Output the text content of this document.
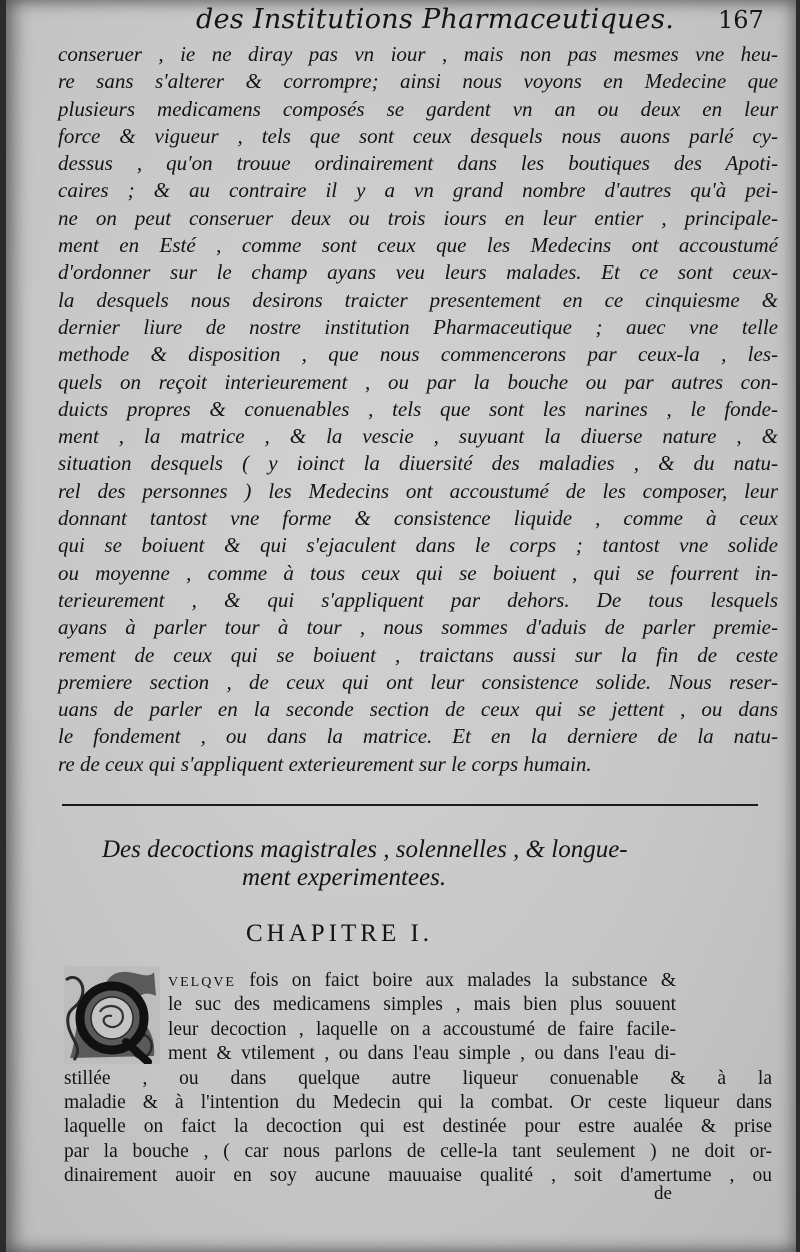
des Institutions Pharmaceutiques. 167
conseruer , ie ne diray pas vn iour , mais non pas mesmes vne heu-
re sans s'alterer & corrompre; ainsi nous voyons en Medecine que
plusieurs medicamens composés se gardent vn an ou deux en leur
force & vigueur , tels que sont ceux desquels nous auons parlé cy-
dessus , qu'on trouue ordinairement dans les boutiques des Apoti-
caires ; & au contraire il y a vn grand nombre d'autres qu'à pei-
ne on peut conseruer deux ou trois iours en leur entier , principale-
ment en Esté , comme sont ceux que les Medecins ont accoustumé
d'ordonner sur le champ ayans veu leurs malades. Et ce sont ceux-
la desquels nous desirons traicter presentement en ce cinquiesme &
dernier liure de nostre institution Pharmaceutique ; auec vne telle
methode & disposition , que nous commencerons par ceux-la , les-
quels on reçoit interieurement , ou par la bouche ou par autres con-
duicts propres & conuenables , tels que sont les narines , le fonde-
ment , la matrice , & la vescie , suyuant la diuerse nature , &
situation desquels ( y ioinct la diuersité des maladies , & du natu-
rel des personnes ) les Medecins ont accoustumé de les composer, leur
donnant tantost vne forme & consistence liquide , comme à ceux
qui se boiuent & qui s'ejaculent dans le corps ; tantost vne solide
ou moyenne , comme à tous ceux qui se boiuent , qui se fourrent in-
terieurement , & qui s'appliquent par dehors. De tous lesquels
ayans à parler tour à tour , nous sommes d'aduis de parler premie-
rement de ceux qui se boiuent , traictans aussi sur la fin de ceste
premiere section , de ceux qui ont leur consistence solide. Nous reser-
uans de parler en la seconde section de ceux qui se jettent , ou dans
le fondement , ou dans la matrice. Et en la derniere de la natu-
re de ceux qui s'appliquent exterieurement sur le corps humain.
Des decoctions magistrales , solennelles , & longue-
ment experimentees.
CHAPITRE I.
velqve fois on faict boire aux malades la substance &
le suc des medicamens simples , mais bien plus souuent
leur decoction , laquelle on a accoustumé de faire facile-
ment & vtilement , ou dans l'eau simple , ou dans l'eau di-
stillée , ou dans quelque autre liqueur conuenable & à la
maladie & à l'intention du Medecin qui la combat. Or ceste liqueur dans
laquelle on faict la decoction qui est destinée pour estre aualée & prise
par la bouche , ( car nous parlons de celle-la tant seulement ) ne doit or-
dinairement auoir en soy aucune mauuaise qualité , soit d'amertume , ou
de
